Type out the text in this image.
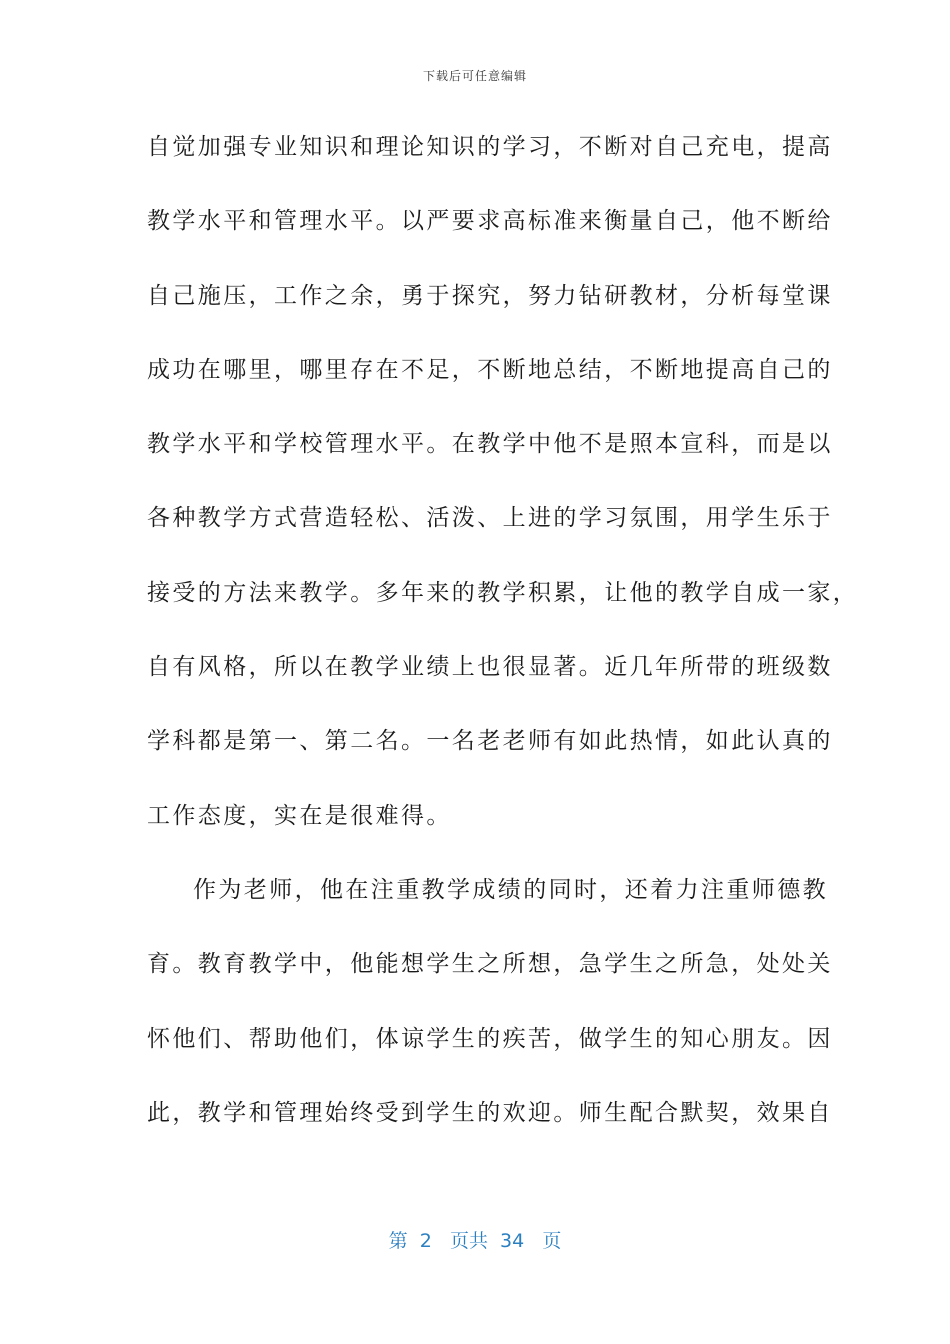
下载后可任意编辑
自觉加强专业知识和理论知识的学习，不断对自己充电，提高
教学水平和管理水平。以严要求高标准来衡量自己，他不断给
自己施压，工作之余，勇于探究，努力钻研教材，分析每堂课
成功在哪里，哪里存在不足，不断地总结，不断地提高自己的
教学水平和学校管理水平。在教学中他不是照本宣科，而是以
各种教学方式营造轻松、活泼、上进的学习氛围，用学生乐于
接受的方法来教学。多年来的教学积累，让他的教学自成一家，
自有风格，所以在教学业绩上也很显著。近几年所带的班级数
学科都是第一、第二名。一名老老师有如此热情，如此认真的
工作态度，实在是很难得。
作为老师，他在注重教学成绩的同时，还着力注重师德教
育。教育教学中，他能想学生之所想，急学生之所急，处处关
怀他们、帮助他们，体谅学生的疾苦，做学生的知心朋友。因
此，教学和管理始终受到学生的欢迎。师生配合默契，效果自
第  2   页共  34   页
